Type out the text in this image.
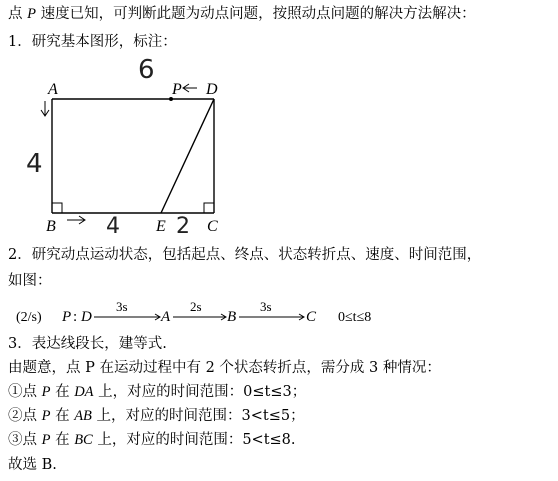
点 P 速度已知，可判断此题为动点问题，按照动点问题的解决方法解决：
1．研究基本图形，标注：
A	P D
B	E	C
6
4
4	2
2．研究动点运动状态，包括起点、终点、状态转折点、速度、时间范围，
如图：
(2/s) P : D
3s
A
2s
B
3s
C 0≤t≤8
3．表达线段长，建等式.
由题意，点 P 在运动过程中有 2 个状态转折点，需分成 3 种情况：
①点 P 在 DA 上，对应的时间范围：0≤t≤3；
②点 P 在 AB 上，对应的时间范围：3<t≤5；
③点 P 在 BC 上，对应的时间范围：5<t≤8.
故选 B.
